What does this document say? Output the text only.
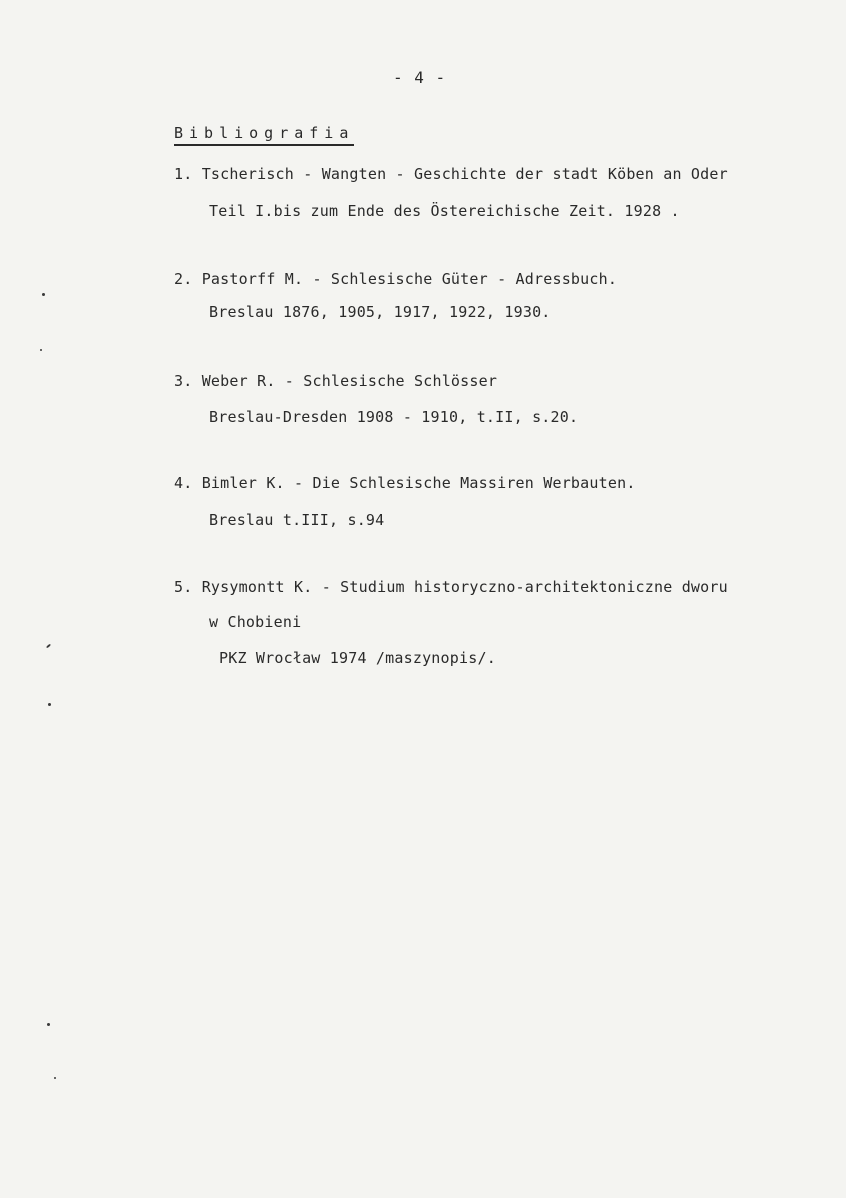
- 4 -
Bibliografia
1. Tscherisch - Wangten - Geschichte der stadt Köben an Oder
Teil I.bis zum Ende des Östereichische Zeit. 1928 .
2. Pastorff M. - Schlesische Güter - Adressbuch.
Breslau 1876, 1905, 1917, 1922, 1930.
3. Weber R. - Schlesische Schlösser
Breslau-Dresden 1908 - 1910, t.II, s.20.
4. Bimler K. - Die Schlesische Massiren Werbauten.
Breslau t.III, s.94
5. Rysymontt K. - Studium historyczno-architektoniczne dworu
w Chobieni
PKZ Wrocław 1974 /maszynopis/.
